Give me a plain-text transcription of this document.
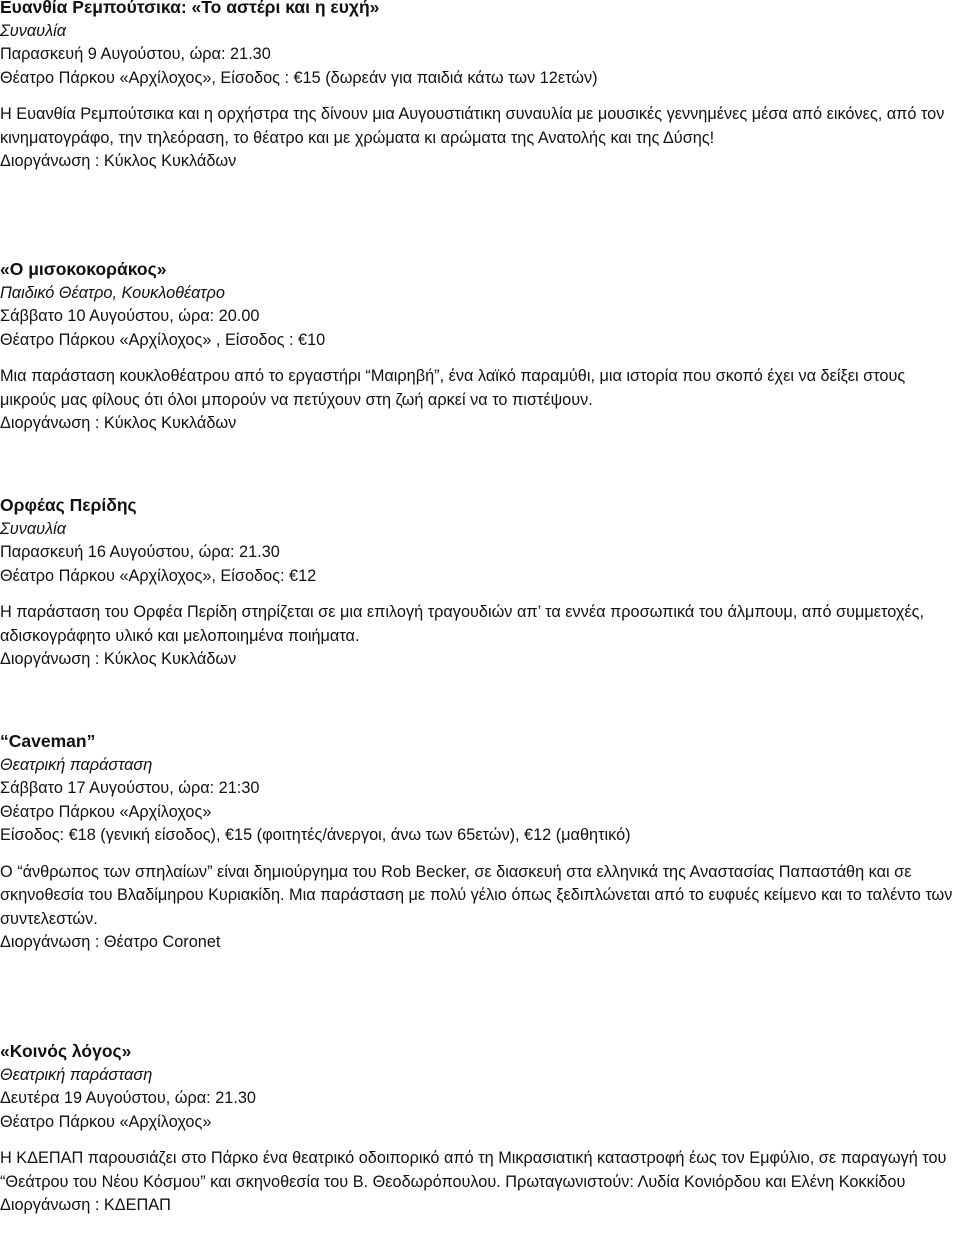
Ευανθία Ρεμπούτσικα: «Το αστέρι και η ευχή»
Συναυλία
Παρασκευή 9 Αυγούστου, ώρα: 21.30
Θέατρο Πάρκου «Αρχίλοχος», Είσοδος : €15 (δωρεάν για παιδιά κάτω των 12ετών)
Η Ευανθία Ρεμπούτσικα και η ορχήστρα της δίνουν μια Αυγουστιάτικη συναυλία με μουσικές γεννημένες μέσα από εικόνες, από τον κινηματογράφο, την τηλεόραση, το θέατρο και με χρώματα κι αρώματα της Ανατολής και της Δύσης!
Διοργάνωση : Κύκλος Κυκλάδων
«Ο μισοκοκοράκος»
Παιδικό Θέατρο, Κουκλοθέατρο
Σάββατο 10 Αυγούστου, ώρα: 20.00
Θέατρο Πάρκου «Αρχίλοχος» , Είσοδος : €10
Μια παράσταση κουκλοθέατρου από το εργαστήρι “Μαιρηβή”, ένα λαϊκό παραμύθι, μια ιστορία που σκοπό έχει να δείξει στους μικρούς μας φίλους ότι όλοι μπορούν να πετύχουν στη ζωή αρκεί να το πιστέψουν.
Διοργάνωση : Κύκλος Κυκλάδων
Ορφέας Περίδης
Συναυλία
Παρασκευή 16 Αυγούστου, ώρα: 21.30
Θέατρο Πάρκου «Αρχίλοχος», Είσοδος: €12
Η παράσταση του Ορφέα Περίδη στηρίζεται σε μια επιλογή τραγουδιών απ’ τα εννέα προσωπικά του άλμπουμ, από συμμετοχές, αδισκογράφητο υλικό και μελοποιημένα ποιήματα.
Διοργάνωση : Κύκλος Κυκλάδων
“Caveman”
Θεατρική παράσταση
Σάββατο 17 Αυγούστου, ώρα: 21:30
Θέατρο Πάρκου «Αρχίλοχος»
Είσοδος: €18 (γενική είσοδος), €15 (φοιτητές/άνεργοι, άνω των 65ετών), €12 (μαθητικό)
Ο “άνθρωπος των σπηλαίων” είναι δημιούργημα του Rob Becker, σε διασκευή στα ελληνικά της Αναστασίας Παπαστάθη και σε σκηνοθεσία του Βλαδίμηρου Κυριακίδη. Μια παράσταση με πολύ γέλιο όπως ξεδιπλώνεται από το ευφυές κείμενο και το ταλέντο των συντελεστών.
Διοργάνωση : Θέατρο Coronet
«Κοινός λόγος»
Θεατρική παράσταση
Δευτέρα 19 Αυγούστου, ώρα: 21.30
Θέατρο Πάρκου «Αρχίλοχος»
Η ΚΔΕΠΑΠ παρουσιάζει στο Πάρκο ένα θεατρικό οδοιπορικό από τη Μικρασιατική καταστροφή έως τον Εμφύλιο, σε παραγωγή του “Θεάτρου του Νέου Κόσμου” και σκηνοθεσία του Β. Θεοδωρόπουλου. Πρωταγωνιστούν: Λυδία Κονιόρδου και Ελένη Κοκκίδου
Διοργάνωση : ΚΔΕΠΑΠ
